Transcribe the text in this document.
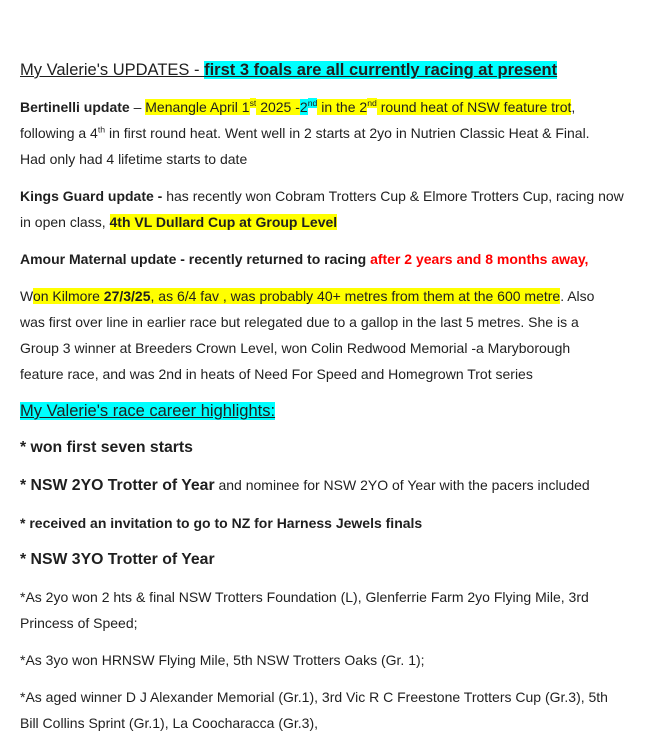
My Valerie's UPDATES - first 3 foals are all currently racing at present
Bertinelli update – Menangle April 1st 2025 -2nd in the 2nd round heat of NSW feature trot,
following a 4th in first round heat. Went well in 2 starts at 2yo in Nutrien Classic Heat & Final.
Had only had 4 lifetime starts to date
Kings Guard update - has recently won Cobram Trotters Cup & Elmore Trotters Cup, racing now
in open class, 4th VL Dullard Cup at Group Level
Amour Maternal update - recently returned to racing after 2 years and 8 months away,
Won Kilmore 27/3/25, as 6/4 fav , was probably 40+ metres from them at the 600 metre. Also
was first over line in earlier race but relegated due to a gallop in the last 5 metres. She is a
Group 3 winner at Breeders Crown Level, won Colin Redwood Memorial -a Maryborough
feature race, and was 2nd in heats of Need For Speed and Homegrown Trot series
My Valerie's race career highlights:
* won first seven starts
* NSW 2YO Trotter of Year and nominee for NSW 2YO of Year with the pacers included
* received an invitation to go to NZ for Harness Jewels finals
* NSW 3YO Trotter of Year
*As 2yo won 2 hts & final NSW Trotters Foundation (L), Glenferrie Farm 2yo Flying Mile, 3rd
Princess of Speed;
*As 3yo won HRNSW Flying Mile, 5th NSW Trotters Oaks (Gr. 1);
*As aged winner D J Alexander Memorial (Gr.1), 3rd Vic R C Freestone Trotters Cup (Gr.3), 5th
Bill Collins Sprint (Gr.1), La Coocharacca (Gr.3),
